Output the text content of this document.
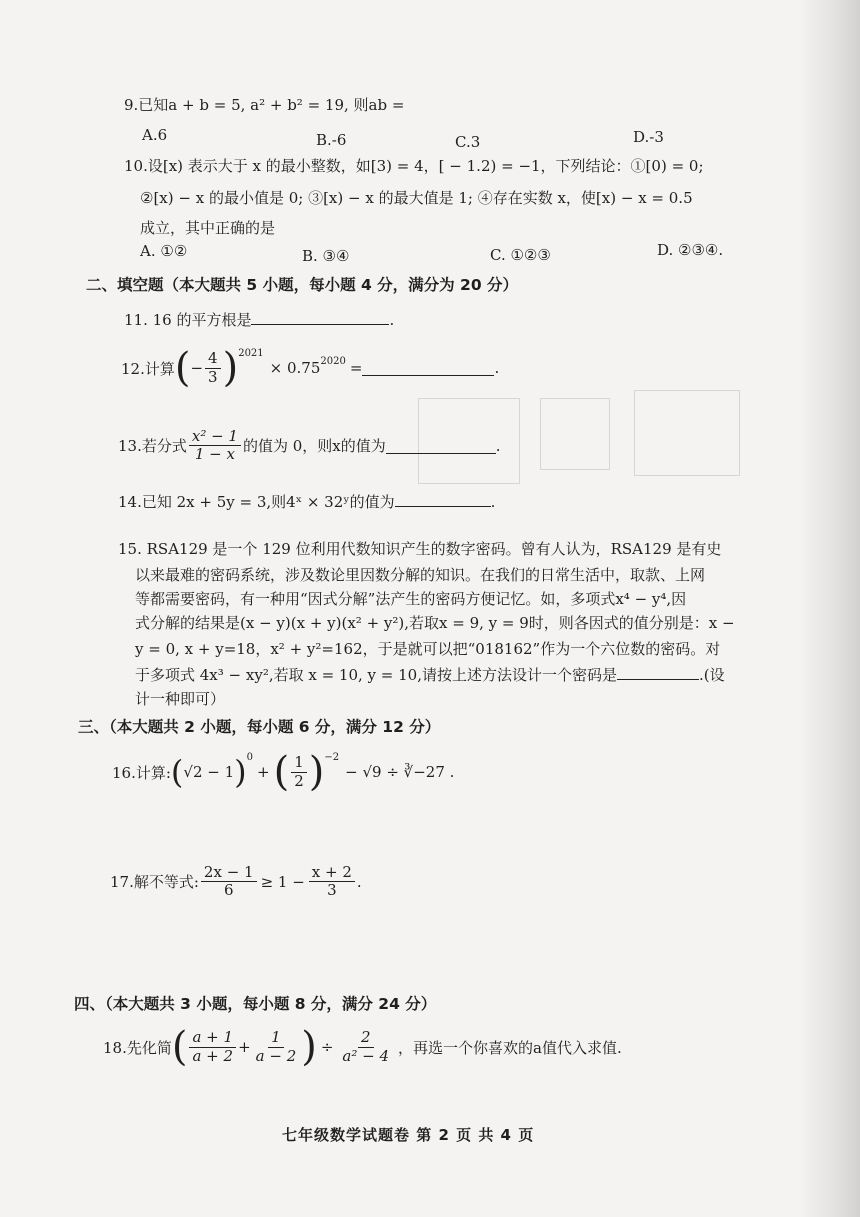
9.已知a + b = 5, a² + b² = 19, 则ab =
A.6	B.-6	C.3	D.-3
10.设[x) 表示大于 x 的最小整数，如[3) = 4，[ − 1.2) = −1，下列结论：①[0) = 0;
②[x) − x 的最小值是 0; ③[x) − x 的最大值是 1; ④存在实数 x，使[x) − x = 0.5
成立，其中正确的是
A. ①②	B. ③④	C. ①②③	D. ②③④.
二、填空题（本大题共 5 小题，每小题 4 分，满分为 20 分）
11. 16 的平方根是	.
12.计算 ( − $\frac{4}{3} )^{2021}$
× $0.75^{2020}$ =	.
13.若分式 $\frac{\text{x² − 1}}{1 - x}$ 的值为 0，则x的值为	.
14.已知 2x + 5y = 3,则4ˣ × 32ʸ的值为	.
15. RSA129 是一个 129 位利用代数知识产生的数字密码。曾有人认为，RSA129 是有史
以来最难的密码系统，涉及数论里因数分解的知识。在我们的日常生活中，取款、上网
等都需要密码，有一种用“因式分解”法产生的密码方便记忆。如，多项式x⁴ − y⁴,因
式分解的结果是(x − y)(x + y)(x² + y²),若取x = 9, y = 9时，则各因式的值分别是：x −
y = 0, x + y=18，x² + y²=162，于是就可以把“018162”作为一个六位数的密码。对
于多项式 4x³ − xy²,若取 x = 10, y = 10,请按上述方法设计一个密码是	.(设
计一种即可）
三、（本大题共 2 小题，每小题 6 分，满分 12 分）
16.计算: ( √2 − 1 )$^0$
+ ( $\frac{1}{2} )^{-2}$
− √9 ÷ ∛−27 .
17.解不等式: $\frac{2x - 1}{6} \ge 1 - \frac{x + 2}{3}$ .
四、（本大题共 3 小题，每小题 8 分，满分 24 分）
18.先化简 ( $\frac{a + 1}{a + 2} + \frac{1}{a - 2}$ ) ÷ $\frac{2}{\text{a² − 4}}$ ，再选一个你喜欢的a值代入求值.
七年级数学试题卷 第 2 页 共 4 页
